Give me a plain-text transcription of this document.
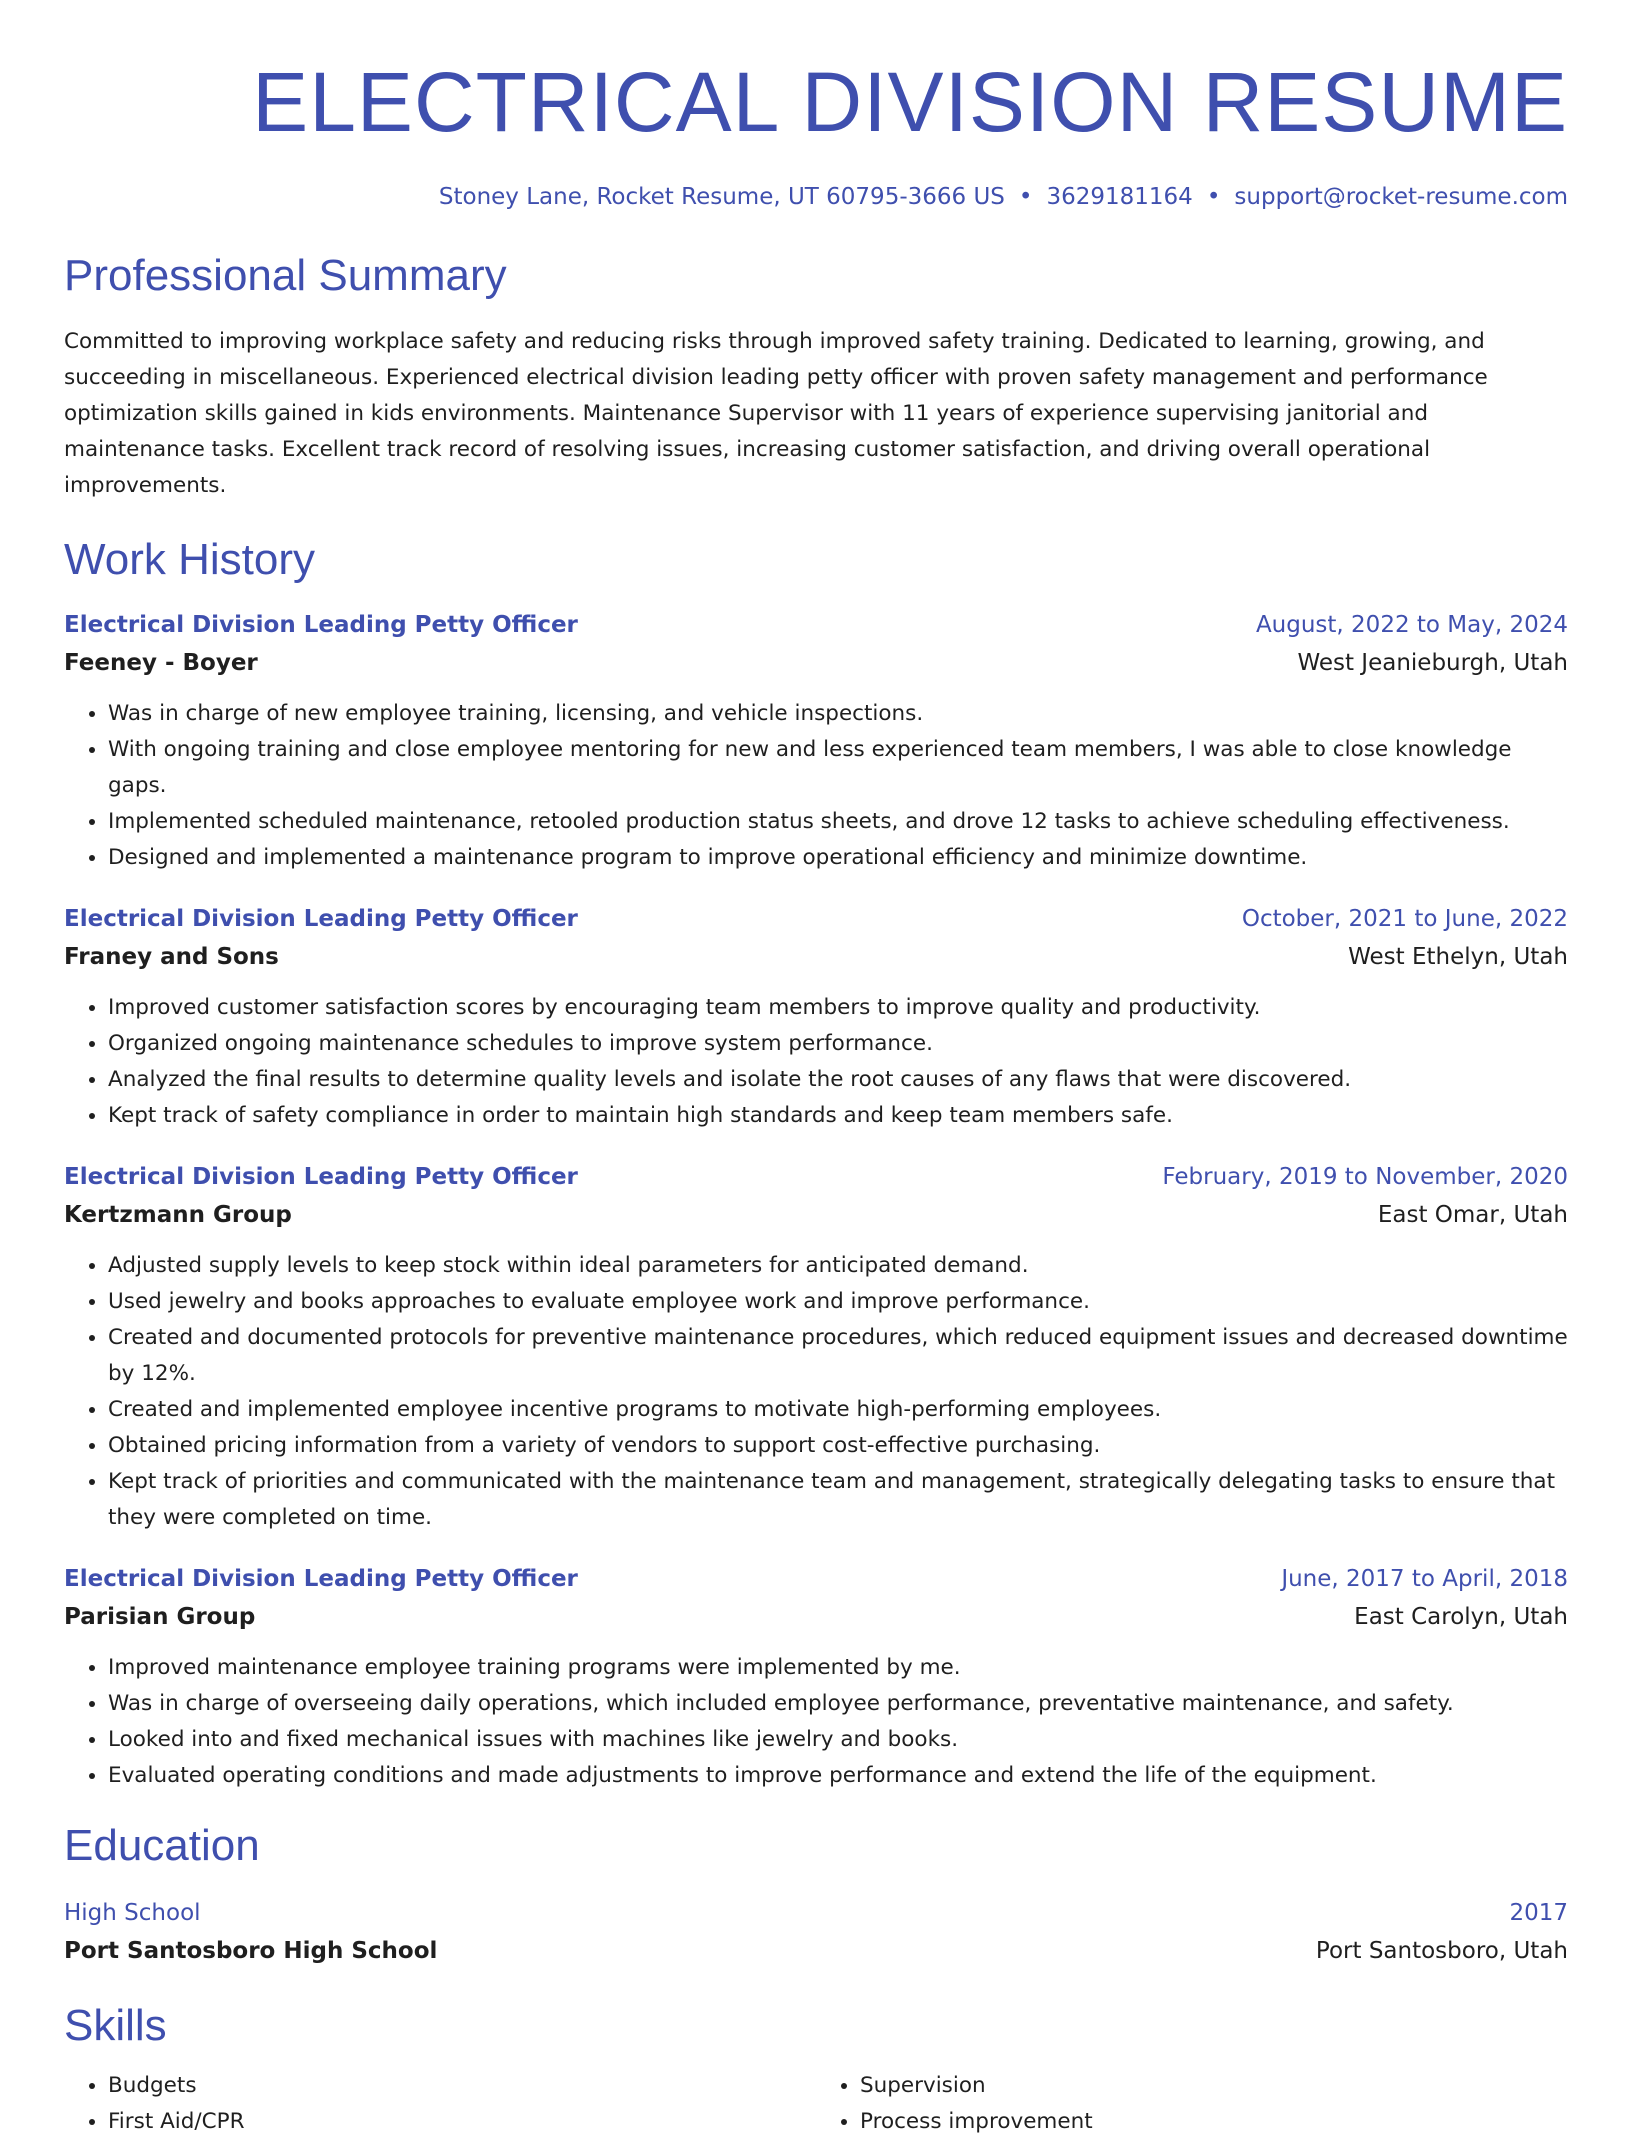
ELECTRICAL DIVISION RESUME
Stoney Lane, Rocket Resume, UT 60795-3666 US • 3629181164 • support@rocket-resume.com
Professional Summary
Committed to improving workplace safety and reducing risks through improved safety training. Dedicated to learning, growing, and succeeding in miscellaneous. Experienced electrical division leading petty officer with proven safety management and performance optimization skills gained in kids environments. Maintenance Supervisor with 11 years of experience supervising janitorial and maintenance tasks. Excellent track record of resolving issues, increasing customer satisfaction, and driving overall operational improvements.
Work History
Electrical Division Leading Petty Officer	August, 2022 to May, 2024
Feeney - Boyer	West Jeanieburgh, Utah
• Was in charge of new employee training, licensing, and vehicle inspections.
• With ongoing training and close employee mentoring for new and less experienced team members, I was able to close knowledge gaps.
• Implemented scheduled maintenance, retooled production status sheets, and drove 12 tasks to achieve scheduling effectiveness.
• Designed and implemented a maintenance program to improve operational efficiency and minimize downtime.
Electrical Division Leading Petty Officer	October, 2021 to June, 2022
Franey and Sons	West Ethelyn, Utah
• Improved customer satisfaction scores by encouraging team members to improve quality and productivity.
• Organized ongoing maintenance schedules to improve system performance.
• Analyzed the final results to determine quality levels and isolate the root causes of any flaws that were discovered.
• Kept track of safety compliance in order to maintain high standards and keep team members safe.
Electrical Division Leading Petty Officer	February, 2019 to November, 2020
Kertzmann Group	East Omar, Utah
• Adjusted supply levels to keep stock within ideal parameters for anticipated demand.
• Used jewelry and books approaches to evaluate employee work and improve performance.
• Created and documented protocols for preventive maintenance procedures, which reduced equipment issues and decreased downtime by 12%.
• Created and implemented employee incentive programs to motivate high-performing employees.
• Obtained pricing information from a variety of vendors to support cost-effective purchasing.
• Kept track of priorities and communicated with the maintenance team and management, strategically delegating tasks to ensure that they were completed on time.
Electrical Division Leading Petty Officer	June, 2017 to April, 2018
Parisian Group	East Carolyn, Utah
• Improved maintenance employee training programs were implemented by me.
• Was in charge of overseeing daily operations, which included employee performance, preventative maintenance, and safety.
• Looked into and fixed mechanical issues with machines like jewelry and books.
• Evaluated operating conditions and made adjustments to improve performance and extend the life of the equipment.
Education
High School	2017
Port Santosboro High School	Port Santosboro, Utah
Skills
• Budgets
• First Aid/CPR
• Supervision
• Process improvement
